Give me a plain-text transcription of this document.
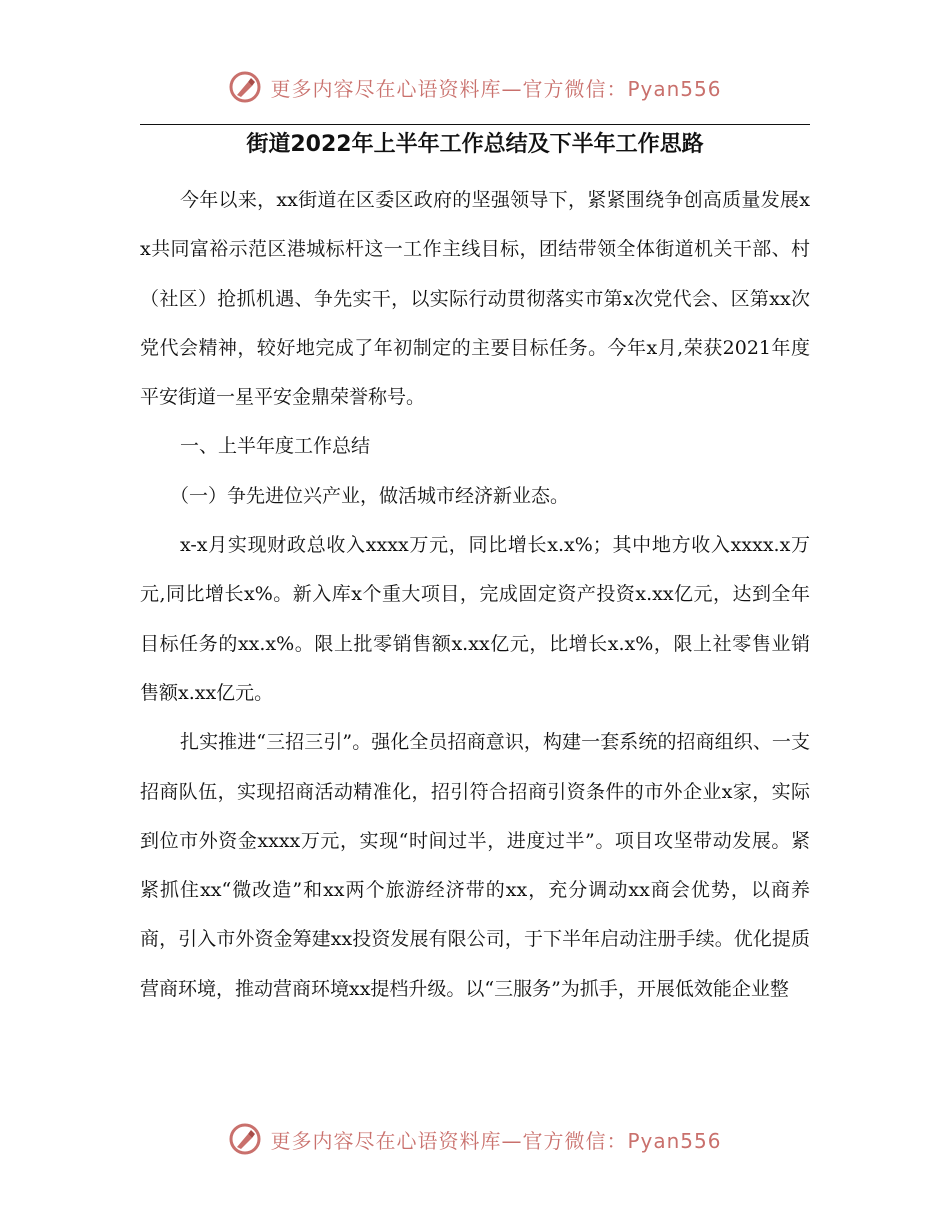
更多内容尽在心语资料库—官方微信：Pyan556
街道2022年上半年工作总结及下半年工作思路

今年以来，xx街道在区委区政府的坚强领导下，紧紧围绕争创高质量发展xx共同富裕示范区港城标杆这一工作主线目标，团结带领全体街道机关干部、村（社区）抢抓机遇、争先实干，以实际行动贯彻落实市第x次党代会、区第xx次党代会精神，较好地完成了年初制定的主要目标任务。今年x月,荣获2021年度平安街道一星平安金鼎荣誉称号。

一、上半年度工作总结

（一）争先进位兴产业，做活城市经济新业态。

x-x月实现财政总收入xxxx万元，同比增长x.x%；其中地方收入xxxx.x万元,同比增长x%。新入库x个重大项目，完成固定资产投资x.xx亿元，达到全年目标任务的xx.x%。限上批零销售额x.xx亿元，比增长x.x%，限上社零售业销售额x.xx亿元。

扎实推进“三招三引”。强化全员招商意识，构建一套系统的招商组织、一支招商队伍，实现招商活动精准化，招引符合招商引资条件的市外企业x家，实际到位市外资金xxxx万元，实现“时间过半，进度过半”。项目攻坚带动发展。紧紧抓住xx“微改造”和xx两个旅游经济带的xx，充分调动xx商会优势，以商养商，引入市外资金筹建xx投资发展有限公司，于下半年启动注册手续。优化提质营商环境，推动营商环境xx提档升级。以“三服务”为抓手，开展低效能企业整

更多内容尽在心语资料库—官方微信：Pyan556
